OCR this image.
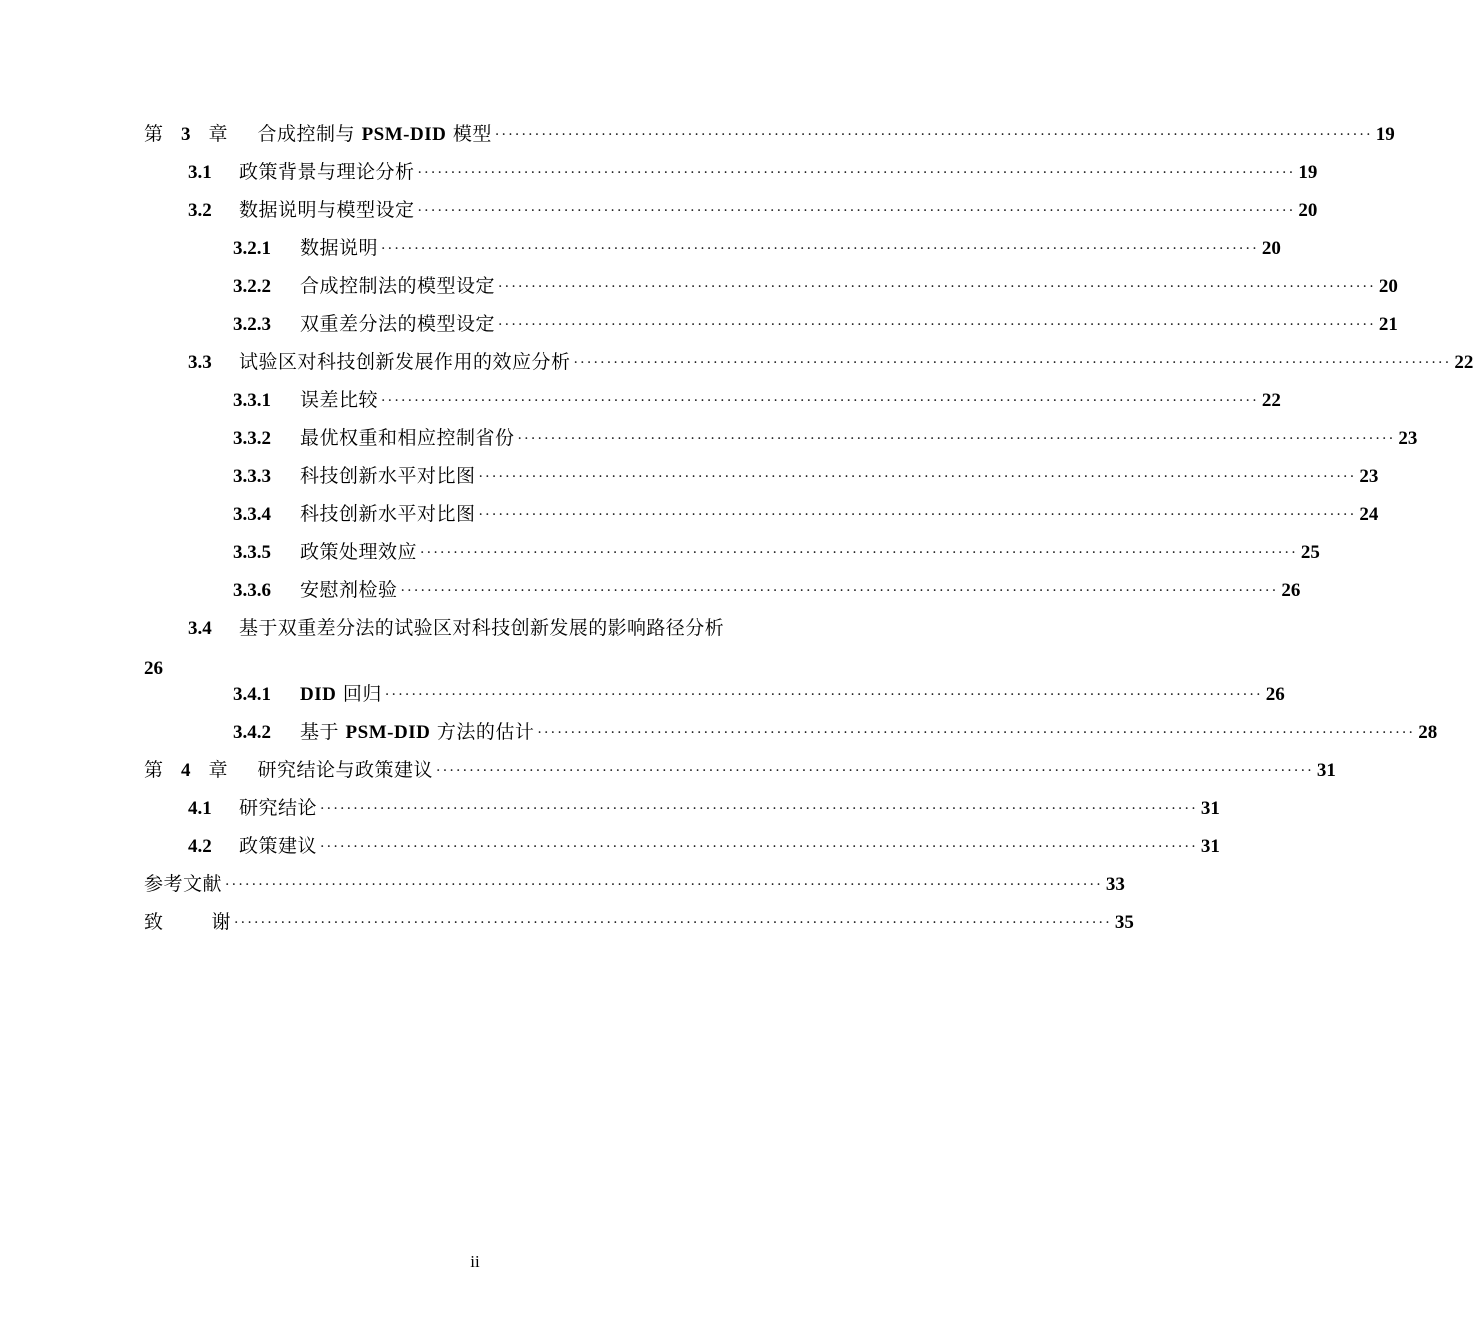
第 3 章 合成控制与 PSM-DID 模型 ···································································································································· 19
3.1	政策背景与理论分析 ···································································································································· 19
3.2	数据说明与模型设定 ···································································································································· 20
3.2.1	数据说明 ···································································································································· 20
3.2.2	合成控制法的模型设定 ···································································································································· 20
3.2.3	双重差分法的模型设定 ···································································································································· 21
3.3	试验区对科技创新发展作用的效应分析 ···································································································································· 22
3.3.1	误差比较 ···································································································································· 22
3.3.2	最优权重和相应控制省份 ···································································································································· 23
3.3.3	科技创新水平对比图 ···································································································································· 23
3.3.4	科技创新水平对比图 ···································································································································· 24
3.3.5	政策处理效应 ···································································································································· 25
3.3.6	安慰剂检验 ···································································································································· 26
3.4	基于双重差分法的试验区对科技创新发展的影响路径分析
26
3.4.1	DID 回归 ···································································································································· 26
3.4.2	基于 PSM-DID 方法的估计 ···································································································································· 28
第 4 章 研究结论与政策建议 ···································································································································· 31
4.1	研究结论 ···································································································································· 31
4.2	政策建议 ···································································································································· 31
参考文献 ···································································································································· 33
致	谢 ···································································································································· 35
ii
